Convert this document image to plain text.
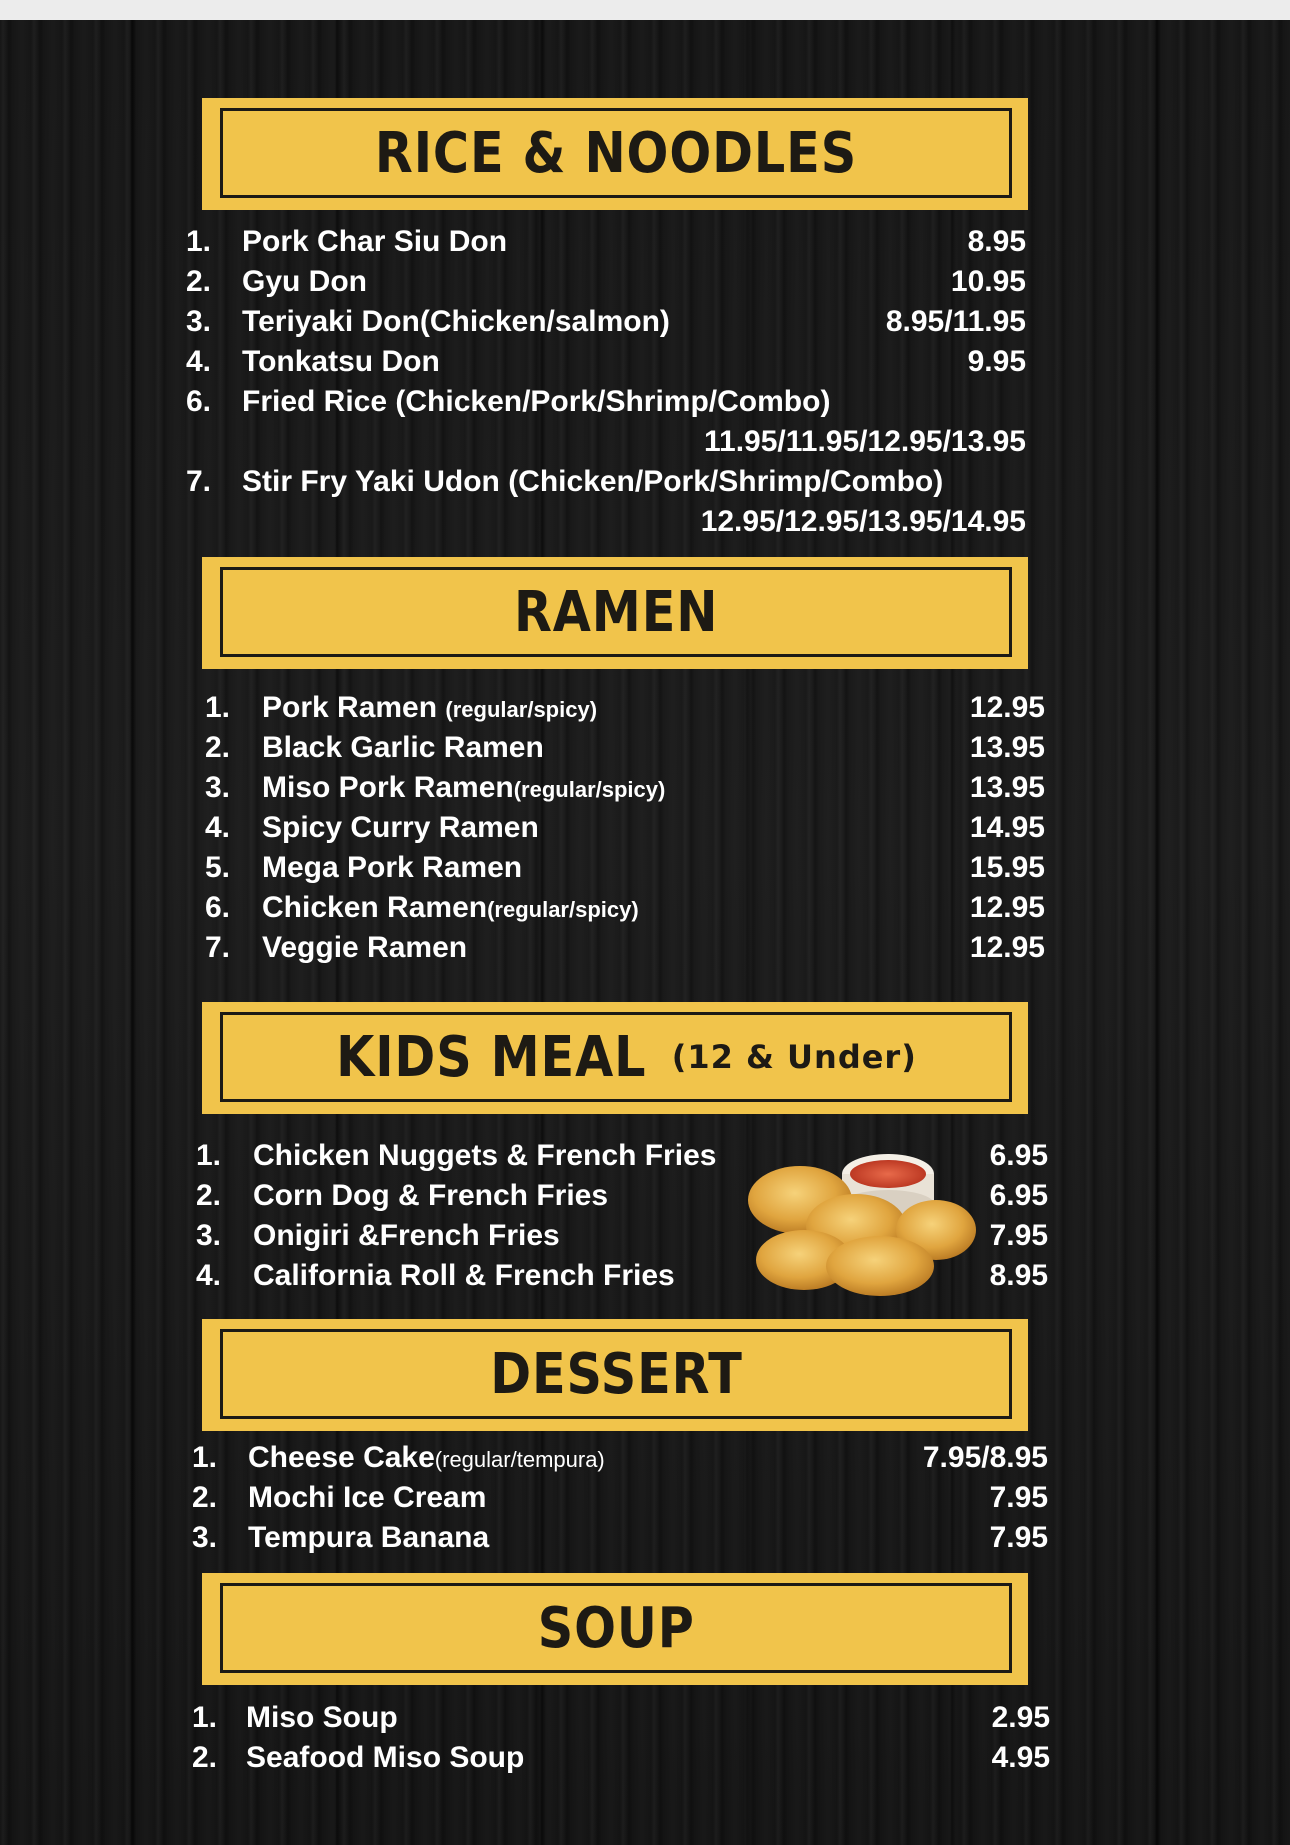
RICE & NOODLES
1. Pork Char Siu Don	8.95
2. Gyu Don	10.95
3. Teriyaki Don(Chicken/salmon)	8.95/11.95
4. Tonkatsu Don	9.95
6. Fried Rice (Chicken/Pork/Shrimp/Combo)
11.95/11.95/12.95/13.95
7. Stir Fry Yaki Udon (Chicken/Pork/Shrimp/Combo)
12.95/12.95/13.95/14.95
RAMEN
1. Pork Ramen (regular/spicy)	12.95
2. Black Garlic Ramen	13.95
3. Miso Pork Ramen(regular/spicy)	13.95
4. Spicy Curry Ramen	14.95
5. Mega Pork Ramen	15.95
6. Chicken Ramen(regular/spicy)	12.95
7. Veggie Ramen	12.95
KIDS MEAL (12 & Under)
1. Chicken Nuggets & French Fries	6.95
2. Corn Dog & French Fries	6.95
3. Onigiri &French Fries	7.95
4. California Roll & French Fries	8.95
DESSERT
1. Cheese Cake(regular/tempura)	7.95/8.95
2. Mochi Ice Cream	7.95
3. Tempura Banana	7.95
SOUP
1. Miso Soup	2.95
2. Seafood Miso Soup	4.95
